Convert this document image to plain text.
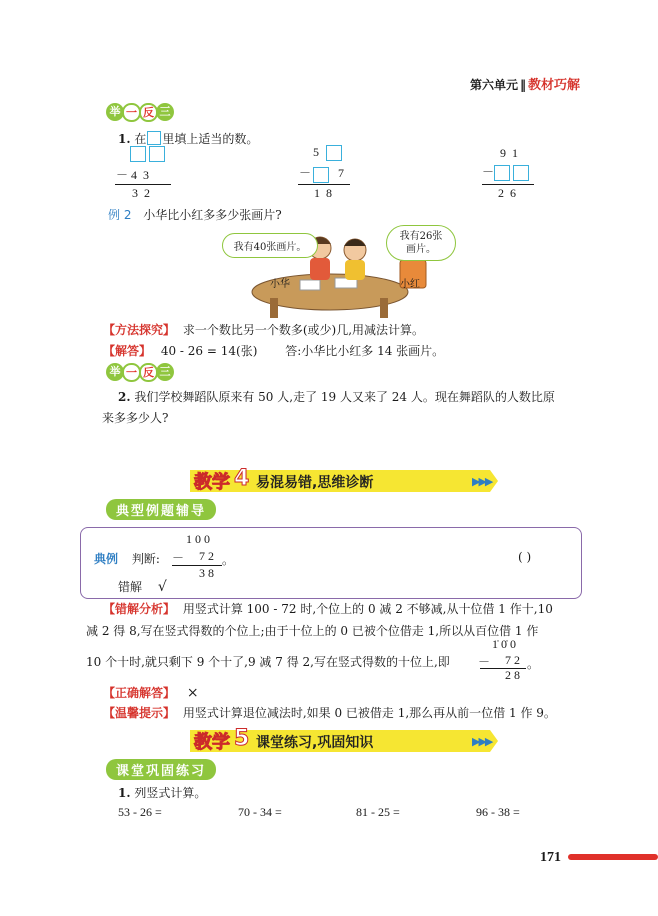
第六单元 ‖ 教材巧解
举 一 反 三
1. 在 里填上适当的数。

－ 4  3
3  2
5
－ 7
1  8
9  1
－
2  6
例 2 小华比小红多多少张画片?
我有40张画片。
我有26张画片。
小华	小红
【方法探究】 求一个数比另一个数多(或少)几,用减法计算。
【解答】 40 - 26 = 14(张) 答:小华比小红多 14 张画片。
举 一 反 三
2. 我们学校舞蹈队原来有 50 人,走了 19 人又来了 24 人。现在舞蹈队的人数比原
来多多少人?
教学 4 易混易错,思维诊断	▶▶▶
典型例题辅导
典例 判断:
1 0 0
－ 7 2 。
3 8
( )
错解 √
【错解分析】 用竖式计算 100 - 72 时,个位上的 0 减 2 不够减,从十位借 1 作十,10
减 2 得 8,写在竖式得数的个位上;由于十位上的 0 已被个位借走 1,所以从百位借 1 作
10 个十时,就只剩下 9 个十了,9 减 7 得 2,写在竖式得数的十位上,即
1̇ 0̇ 0
－ 7 2 。
2 8
【正确解答】 ×
【温馨提示】 用竖式计算退位减法时,如果 0 已被借走 1,那么再从前一位借 1 作 9。
教学 5 课堂练习,巩固知识	▶▶▶
课堂巩固练习
1. 列竖式计算。
53 - 26 =	70 - 34 =	81 - 25 =	96 - 38 =
171
